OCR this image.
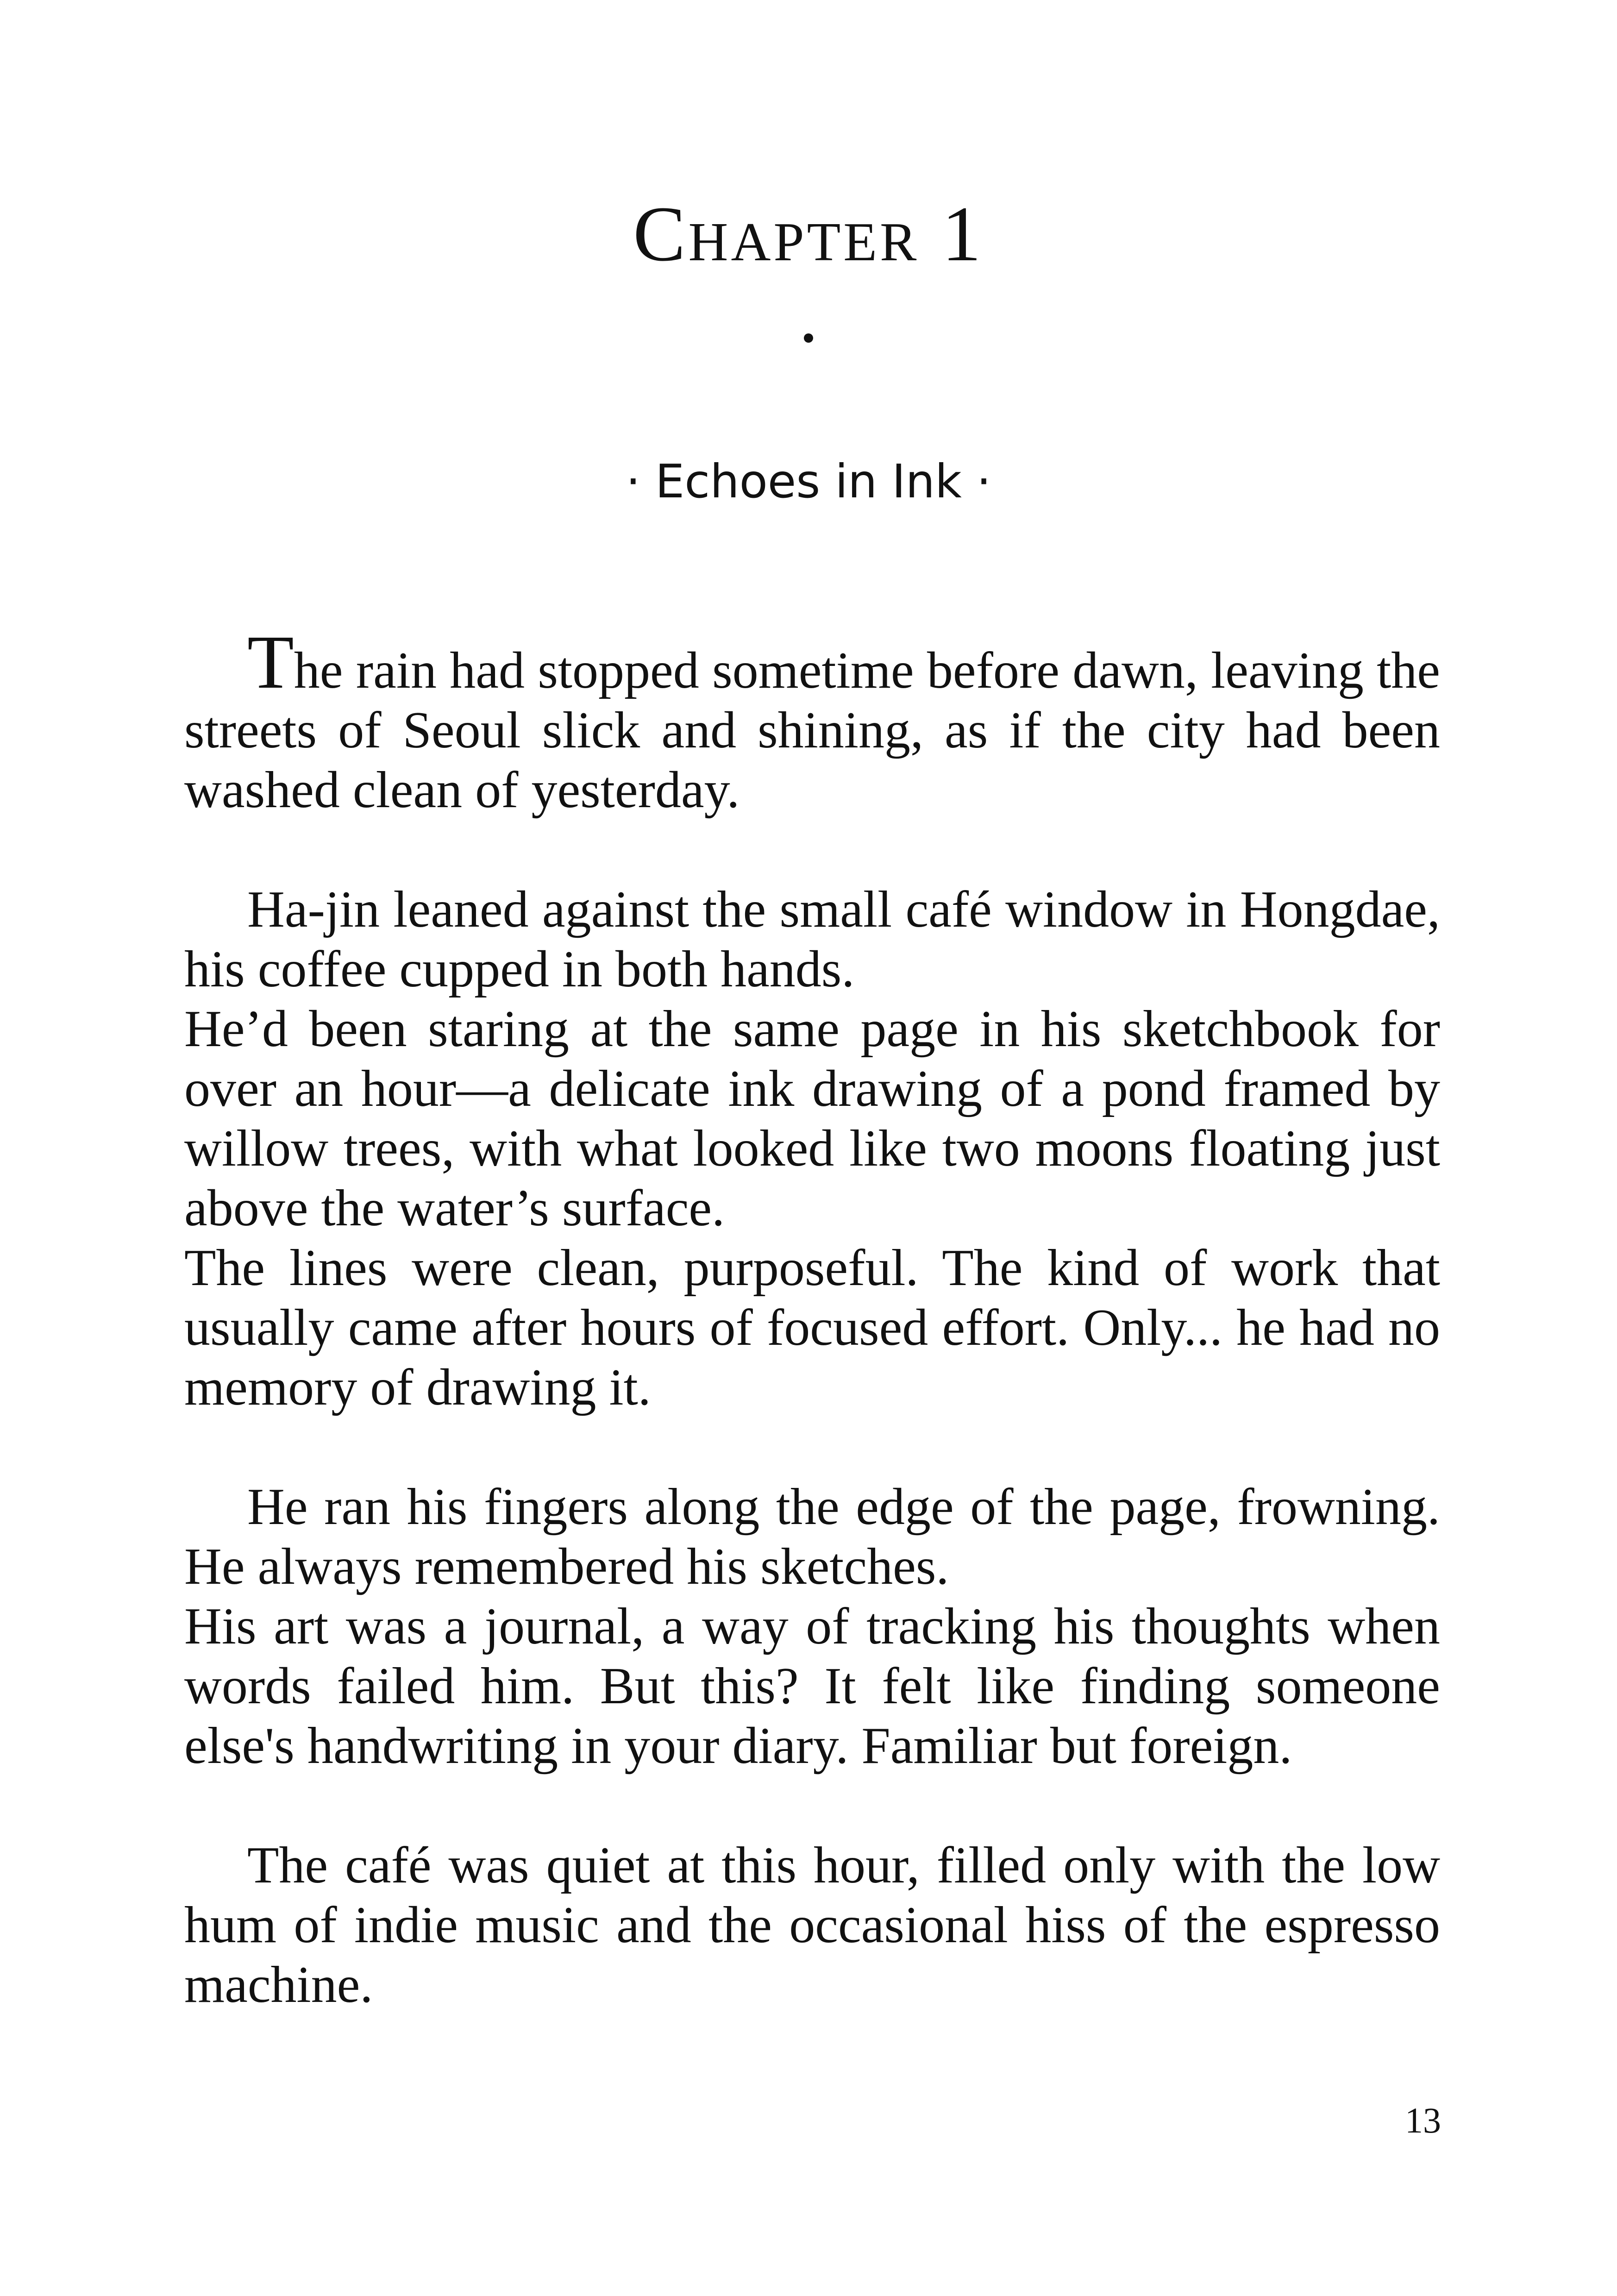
Chapter 1
· Echoes in Ink ·

The rain had stopped sometime before dawn, leaving the streets of Seoul slick and shining, as if the city had been washed clean of yesterday.

Ha-jin leaned against the small café window in Hongdae, his coffee cupped in both hands.

He’d been staring at the same page in his sketchbook for over an hour—a delicate ink drawing of a pond framed by willow trees, with what looked like two moons floating just above the water’s surface.

The lines were clean, purposeful. The kind of work that usually came after hours of focused effort. Only... he had no memory of drawing it.

He ran his fingers along the edge of the page, frowning. He always remembered his sketches.

His art was a journal, a way of tracking his thoughts when words failed him. But this? It felt like finding someone else's handwriting in your diary. Familiar but foreign.

The café was quiet at this hour, filled only with the low hum of indie music and the occasional hiss of the espresso machine.

13
